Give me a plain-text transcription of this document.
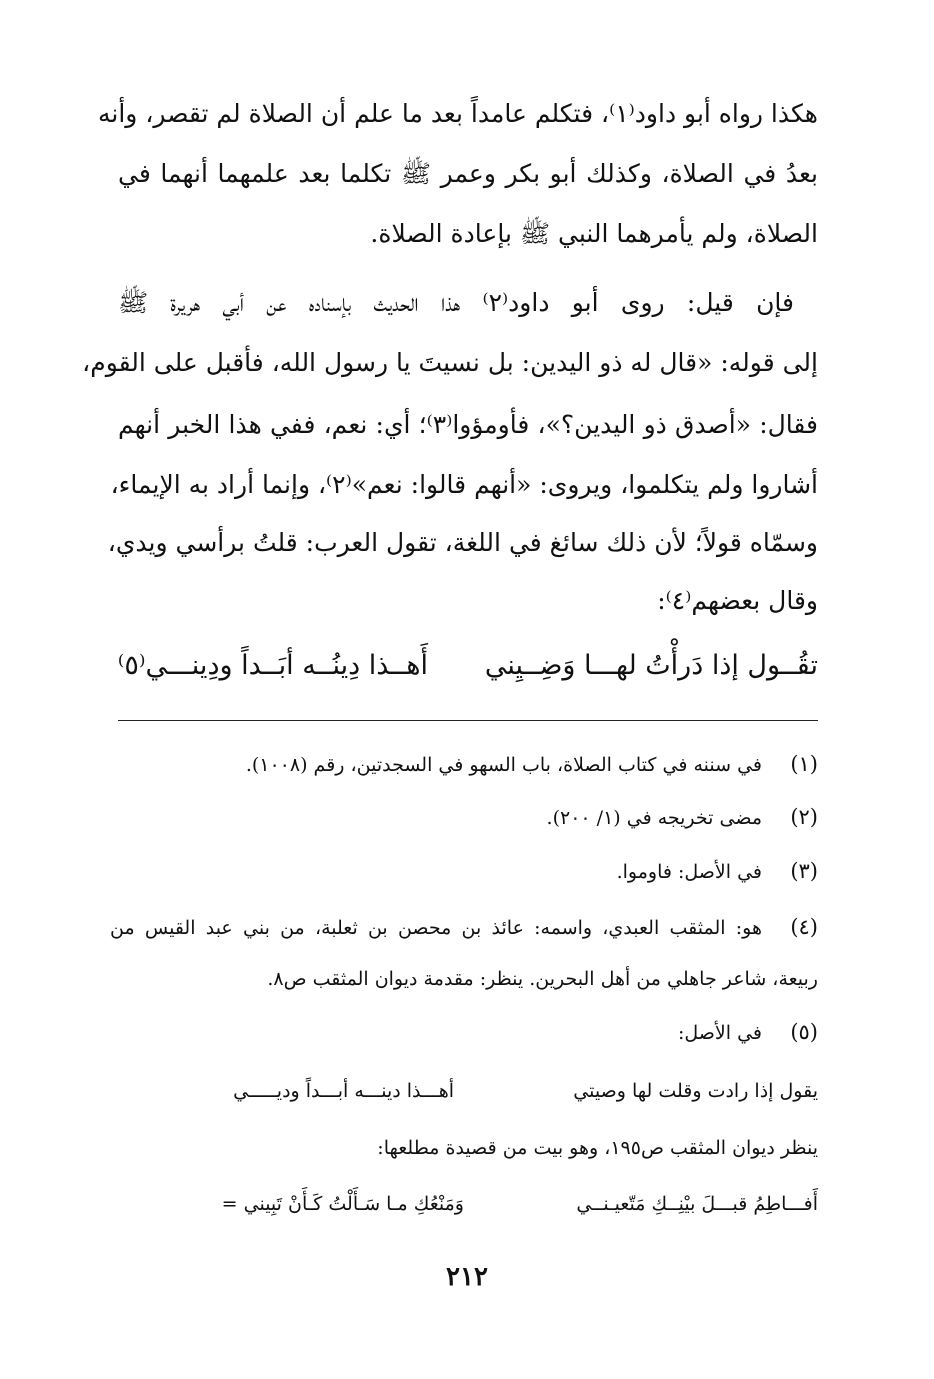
هكذا رواه أبو داود⁽١⁾، فتكلم عامداً بعد ما علم أن الصلاة لم تقصر، وأنه
بعدُ في الصلاة، وكذلك أبو بكر وعمر ﷺ تكلما بعد علمهما أنهما في
الصلاة، ولم يأمرهما النبي ﷺ بإعادة الصلاة.
فإن قيل: روى أبو داود⁽٢⁾ هذا الحديث بإسناده عن أبي هريرة ﷺ
إلى قوله: «قال له ذو اليدين: بل نسيتَ يا رسول الله، فأقبل على القوم،
فقال: «أصدق ذو اليدين؟»، فأومؤوا⁽٣⁾؛ أي: نعم، ففي هذا الخبر أنهم
أشاروا ولم يتكلموا، ويروى: «أنهم قالوا: نعم»⁽٢⁾، وإنما أراد به الإيماء،
وسمّاه قولاً؛ لأن ذلك سائغ في اللغة، تقول العرب: قلتُ برأسي ويدي،
وقال بعضهم⁽٤⁾:
تقُــول إذا دَرأْتُ لهـــا وَضِــيِني
أَهــذا دِينُــه أبَــداً ودِينـــي⁽٥⁾
(١)
في سننه في كتاب الصلاة، باب السهو في السجدتين، رقم (١٠٠٨).
(٢)
مضى تخريجه في (١/ ٢٠٠).
(٣)
في الأصل: فاوموا.
(٤)
هو: المثقب العبدي، واسمه: عائذ بن محصن بن ثعلبة، من بني عبد القيس من
ربيعة، شاعر جاهلي من أهل البحرين. ينظر: مقدمة ديوان المثقب ص٨.
(٥)
في الأصل:
يقول إذا رادت وقلت لها وصيتي
أهـــذا دينـــه أبـــداً وديـــــي
ينظر ديوان المثقب ص١٩٥، وهو بيت من قصيدة مطلعها:
أَفـــاطِمُ قبـــلَ بيْنِــكِ مَتّعيـنــي
وَمَنْعُكِ مـا سَـأَلْتُ كَـأَنْ تَبِيني =
٢١٢
